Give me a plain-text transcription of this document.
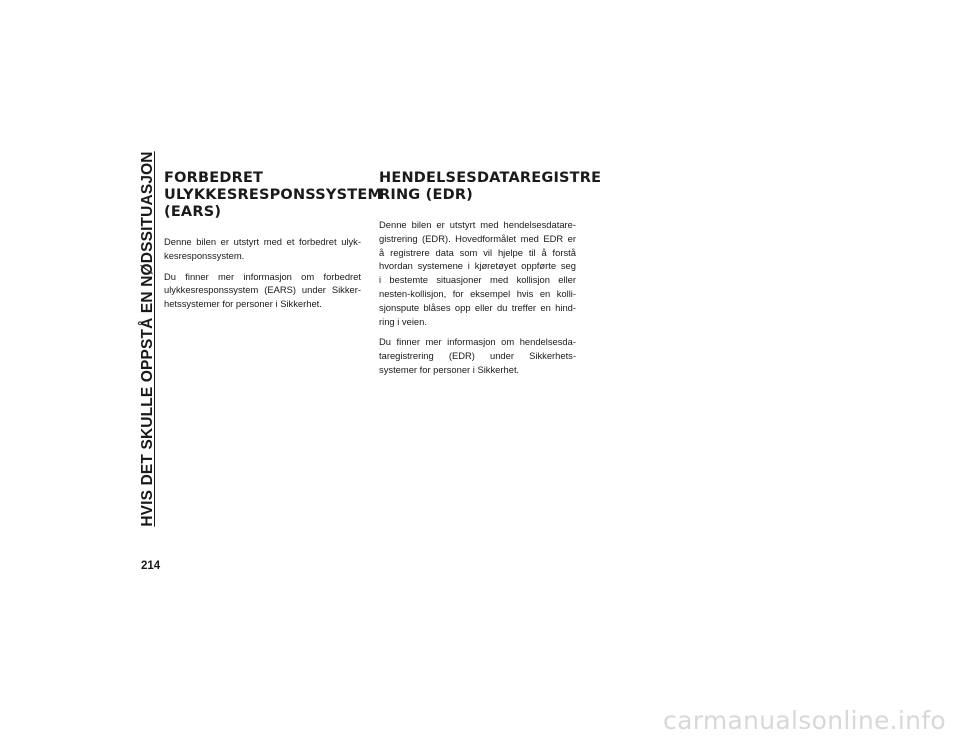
HVIS DET SKULLE OPPSTÅ EN NØDSSITUASJON
214
FORBEDRET
ULYKKESRESPONSSYSTEM
(EARS)

Denne bilen er utstyrt med et forbedret ulyk-
kesresponssystem.

Du finner mer informasjon om forbedret
ulykkesresponssystem (EARS) under Sikker-
hetssystemer for personer i Sikkerhet.

HENDELSESDATAREGISTRE
RING (EDR)

Denne bilen er utstyrt med hendelsesdatare-
gistrering (EDR). Hovedformålet med EDR er
å registrere data som vil hjelpe til å forstå
hvordan systemene i kjøretøyet oppførte seg
i bestemte situasjoner med kollisjon eller
nesten-kollisjon, for eksempel hvis en kolli-
sjonspute blåses opp eller du treffer en hind-
ring i veien.

Du finner mer informasjon om hendelsesda-
taregistrering (EDR) under Sikkerhets-
systemer for personer i Sikkerhet.

carmanualsonline.info
